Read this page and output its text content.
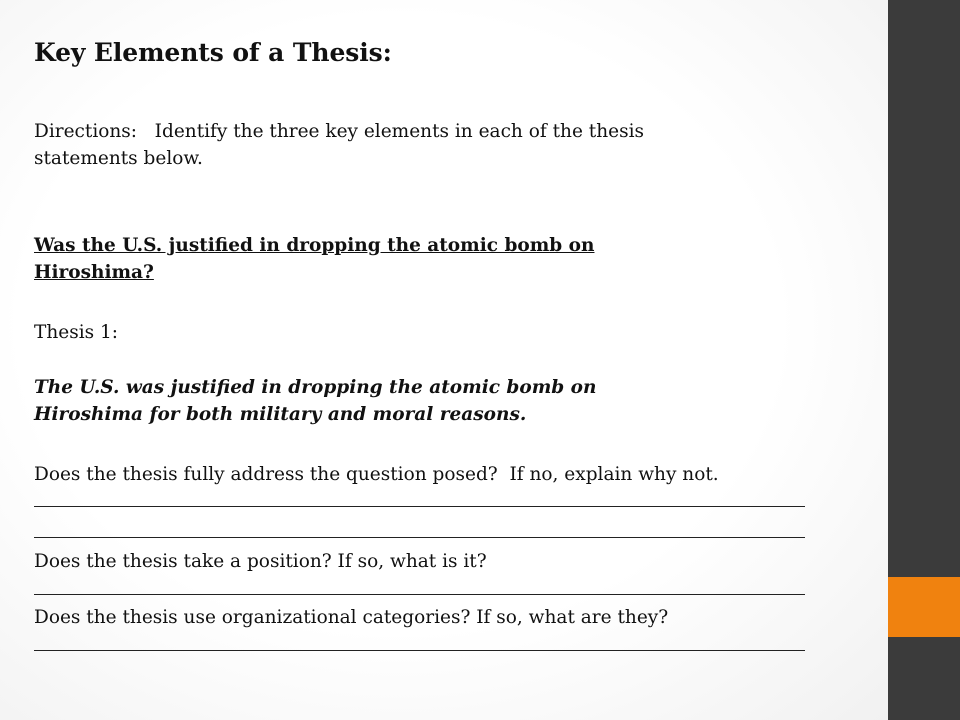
Key Elements of a Thesis:
Directions:   Identify the three key elements in each of the thesis
statements below.
Was the U.S. justified in dropping the atomic bomb on
Hiroshima?
Thesis 1:
The U.S. was justified in dropping the atomic bomb on
Hiroshima for both military and moral reasons.
Does the thesis fully address the question posed?  If no, explain why not.
Does the thesis take a position? If so, what is it?
Does the thesis use organizational categories? If so, what are they?
